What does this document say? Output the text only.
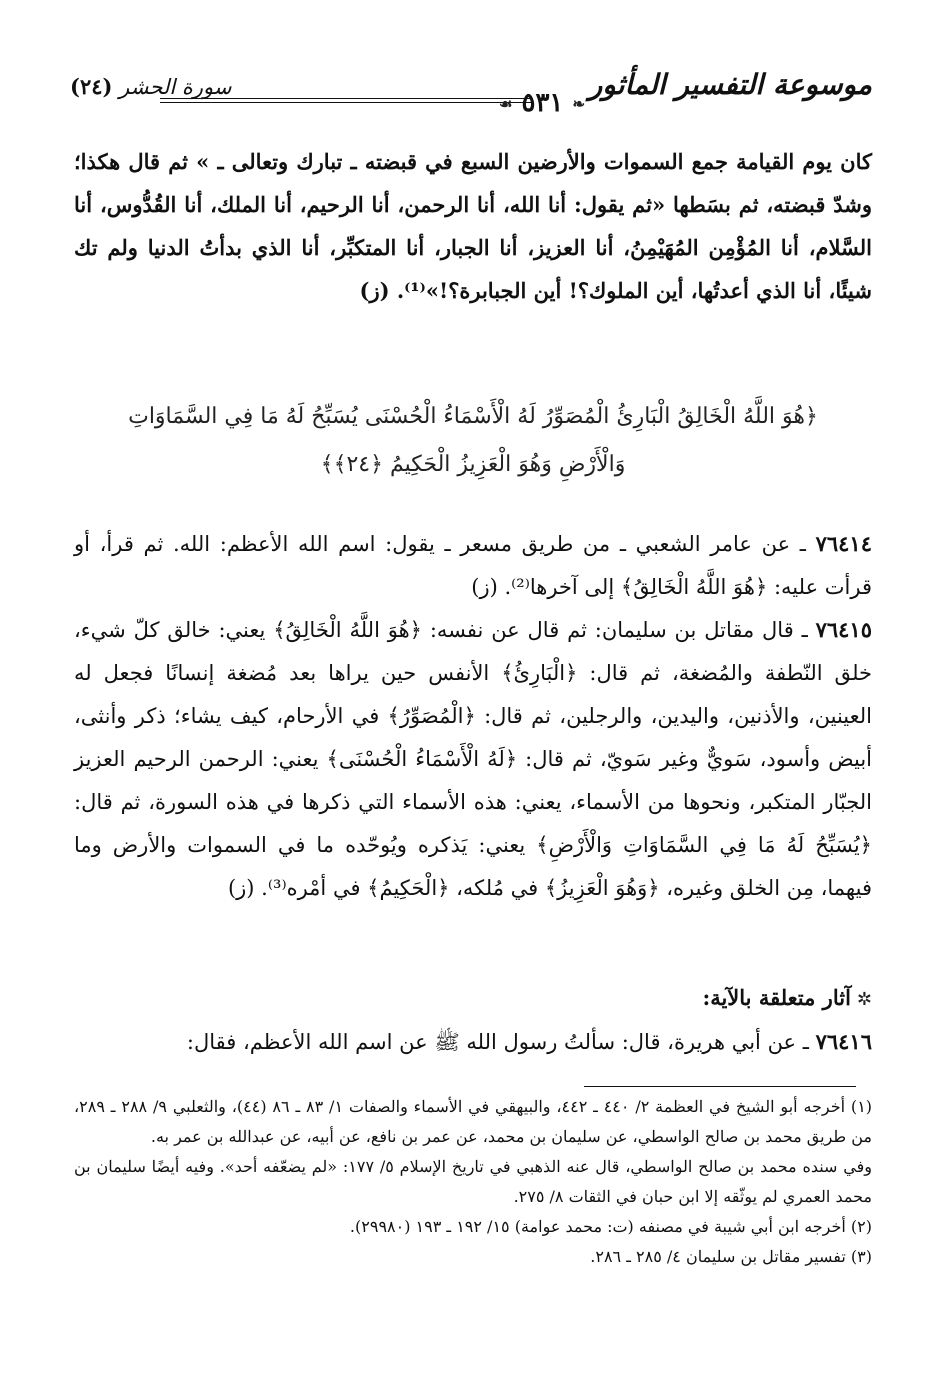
موسوعة التفسير المأثور
❧ ٥٣١ ☙
سورة الحشر (٢٤)
كان يوم القيامة جمع السموات والأرضين السبع في قبضته ـ تبارك وتعالى ـ » ثم قال هكذا؛ وشدّ قبضته، ثم بسَطها «ثم يقول: أنا الله، أنا الرحمن، أنا الرحيم، أنا الملك، أنا القُدُّوس، أنا السَّلام، أنا المُؤْمِن المُهَيْمِنُ، أنا العزيز، أنا الجبار، أنا المتكبِّر، أنا الذي بدأتُ الدنيا ولم تك شيئًا، أنا الذي أعدتُها، أين الملوك؟! أين الجبابرة؟!»⁽¹⁾. (ز)
﴿هُوَ اللَّهُ الْخَالِقُ الْبَارِئُ الْمُصَوِّرُ لَهُ الْأَسْمَاءُ الْحُسْنَى يُسَبِّحُ لَهُ مَا فِي السَّمَاوَاتِ وَالْأَرْضِ وَهُوَ الْعَزِيزُ الْحَكِيمُ ﴿٢٤﴾﴾
٧٦٤١٤ ـ عن عامر الشعبي ـ من طريق مسعر ـ يقول: اسم الله الأعظم: الله. ثم قرأ، أو قرأت عليه: ﴿هُوَ اللَّهُ الْخَالِقُ﴾ إلى آخرها⁽²⁾. (ز)
٧٦٤١٥ ـ قال مقاتل بن سليمان: ثم قال عن نفسه: ﴿هُوَ اللَّهُ الْخَالِقُ﴾ يعني: خالق كلّ شيء، خلق النّطفة والمُضغة، ثم قال: ﴿الْبَارِئُ﴾ الأنفس حين يراها بعد مُضغة إنسانًا فجعل له العينين، والأذنين، واليدين، والرجلين، ثم قال: ﴿الْمُصَوِّرُ﴾ في الأرحام، كيف يشاء؛ ذكر وأنثى، أبيض وأسود، سَويٌّ وغير سَويّ، ثم قال: ﴿لَهُ الْأَسْمَاءُ الْحُسْنَى﴾ يعني: الرحمن الرحيم العزيز الجبّار المتكبر، ونحوها من الأسماء، يعني: هذه الأسماء التي ذكرها في هذه السورة، ثم قال: ﴿يُسَبِّحُ لَهُ مَا فِي السَّمَاوَاتِ وَالْأَرْضِ﴾ يعني: يَذكره ويُوحّده ما في السموات والأرض وما فيهما، مِن الخلق وغيره، ﴿وَهُوَ الْعَزِيزُ﴾ في مُلكه، ﴿الْحَكِيمُ﴾ في أمْره⁽³⁾. (ز)
✲آثار متعلقة بالآية:
٧٦٤١٦ ـ عن أبي هريرة، قال: سألتُ رسول الله ﷺ عن اسم الله الأعظم، فقال:

(١) أخرجه أبو الشيخ في العظمة ٢/ ٤٤٠ ـ ٤٤٢، والبيهقي في الأسماء والصفات ١/ ٨٣ ـ ٨٦ (٤٤)، والثعلبي ٩/ ٢٨٨ ـ ٢٨٩، من طريق محمد بن صالح الواسطي، عن سليمان بن محمد، عن عمر بن نافع، عن أبيه، عن عبدالله بن عمر به.

وفي سنده محمد بن صالح الواسطي، قال عنه الذهبي في تاريخ الإسلام ٥/ ١٧٧: «لم يضعّفه أحد». وفيه أيضًا سليمان بن محمد العمري لم يوثّقه إلا ابن حبان في الثقات ٨/ ٢٧٥.

(٢) أخرجه ابن أبي شيبة في مصنفه (ت: محمد عوامة) ١٥/ ١٩٢ ـ ١٩٣ (٢٩٩٨٠).

(٣) تفسير مقاتل بن سليمان ٤/ ٢٨٥ ـ ٢٨٦.
